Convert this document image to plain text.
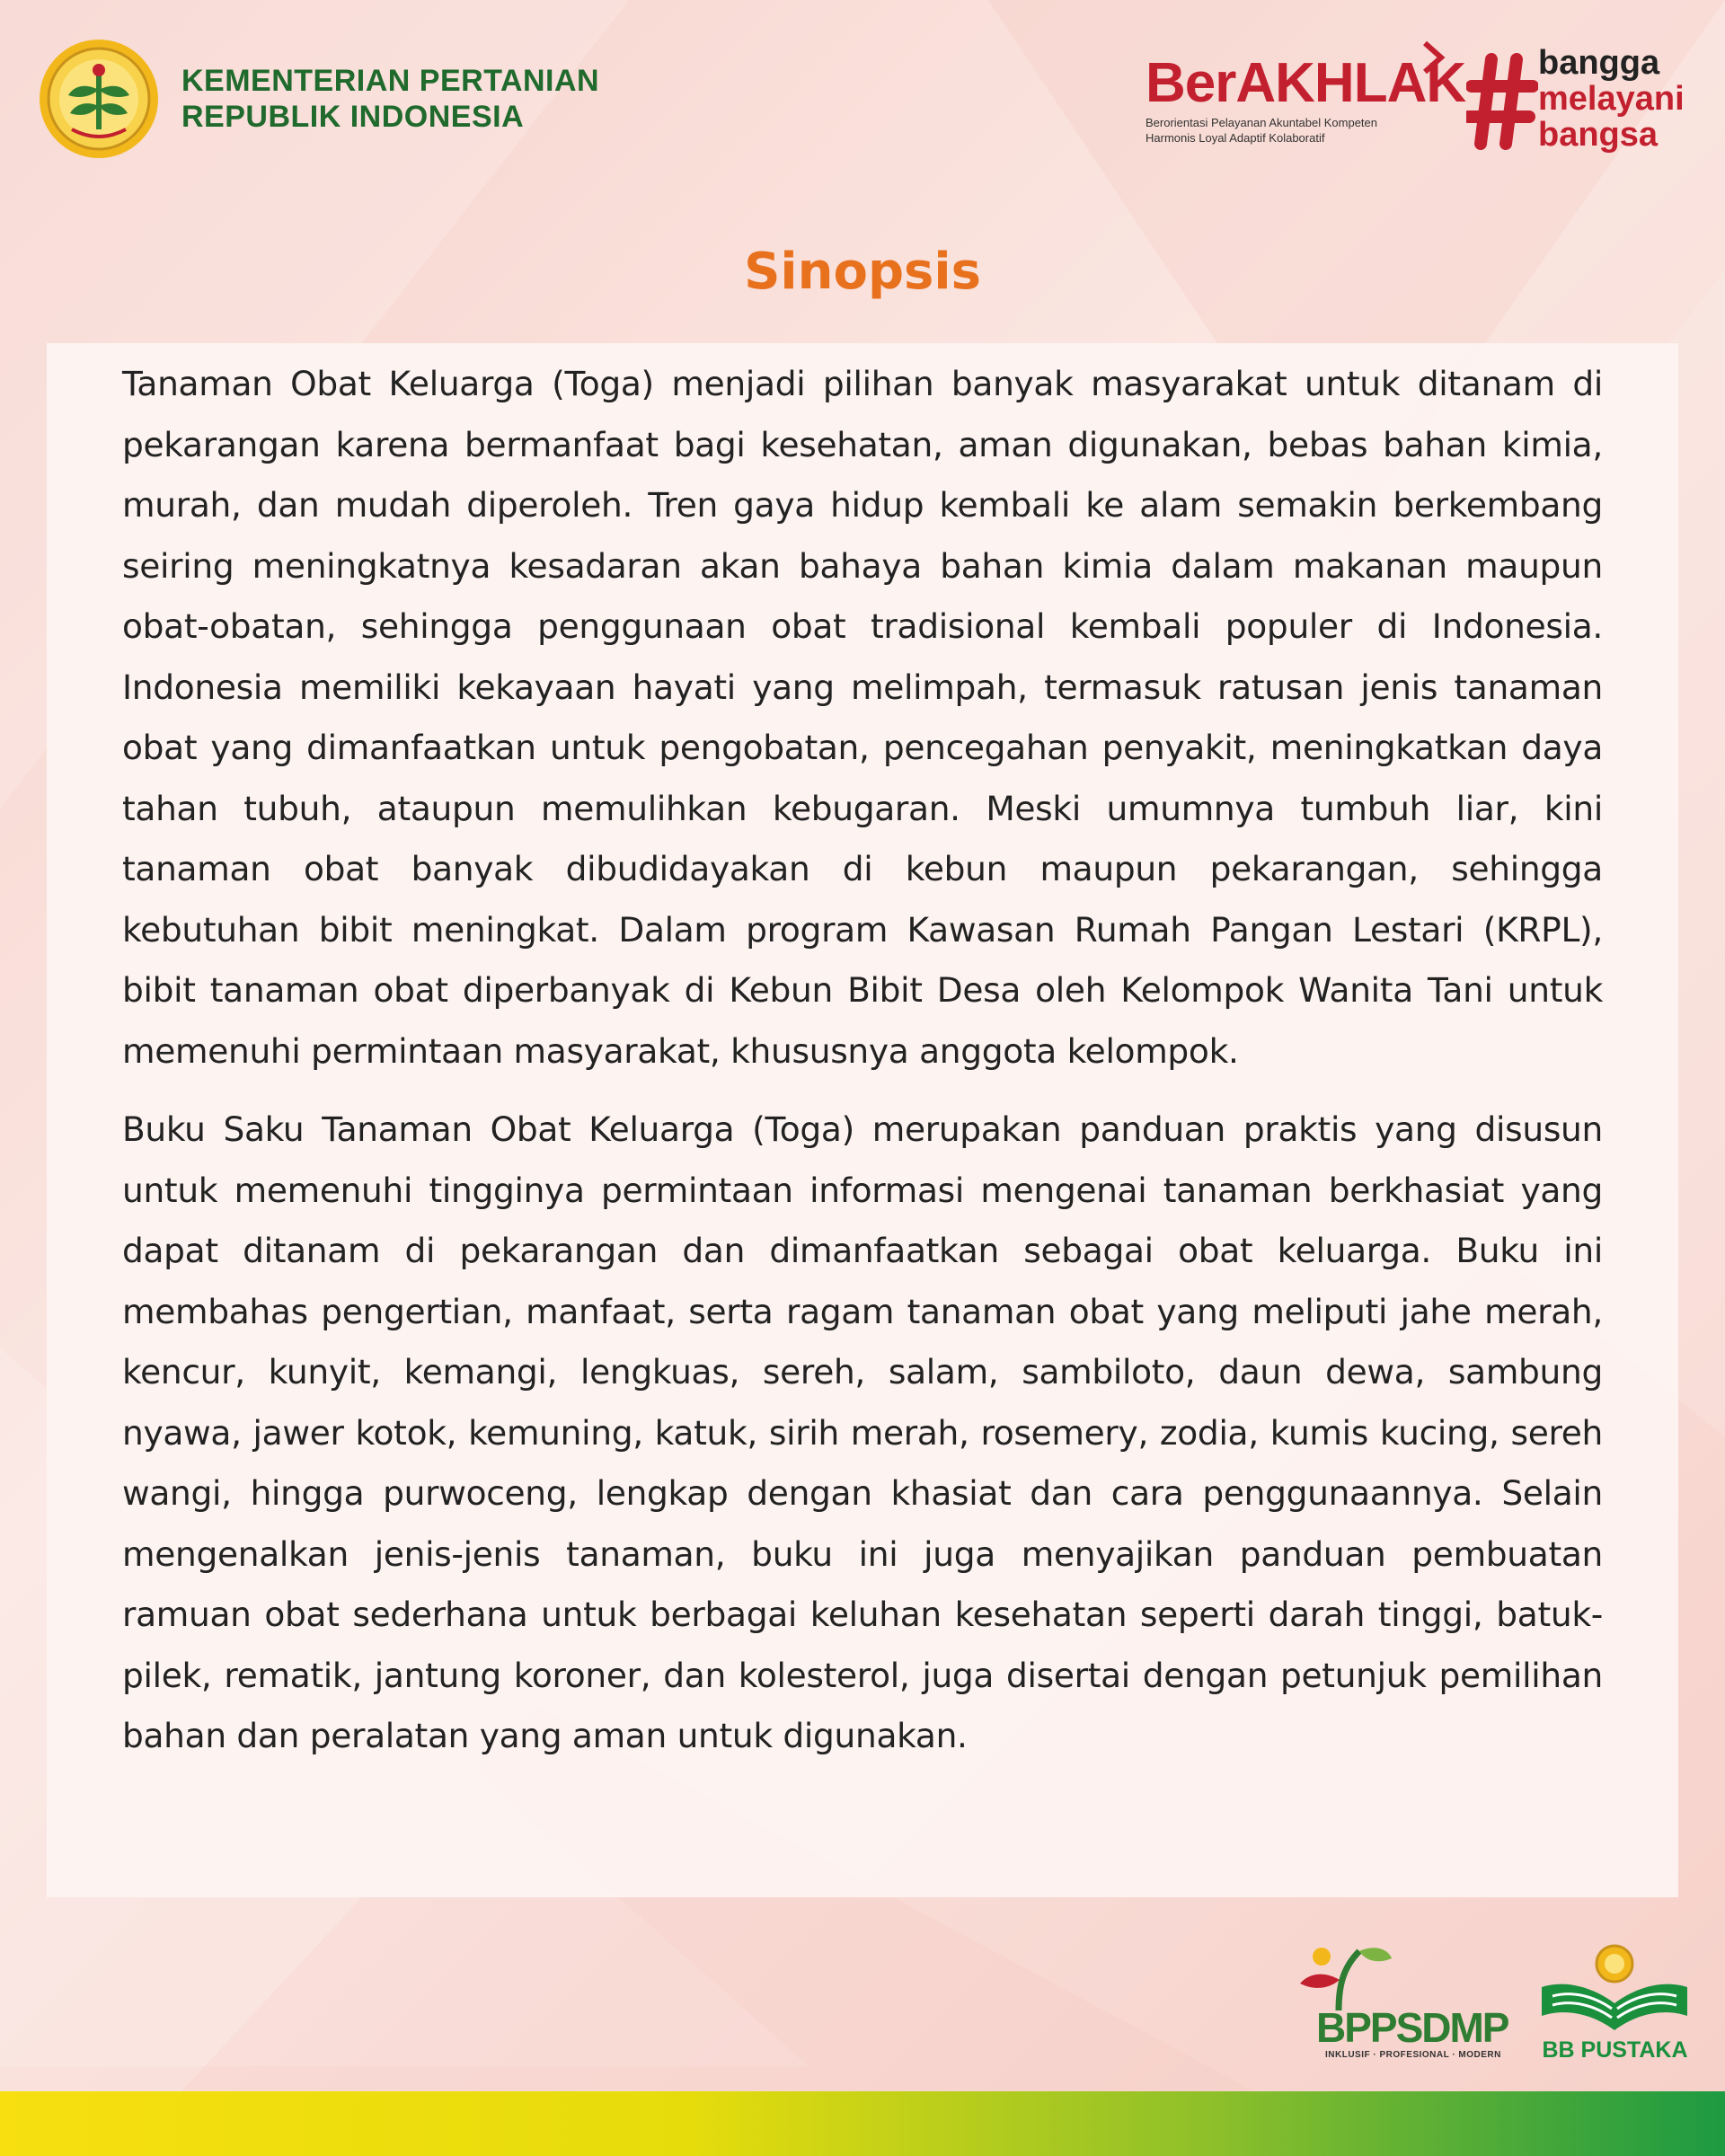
KEMENTERIAN PERTANIAN
REPUBLIK INDONESIA
BerAKHLAK
Berorientasi Pelayanan Akuntabel Kompeten
Harmonis Loyal Adaptif Kolaboratif
bangga
melayani
bangsa
Sinopsis

Tanaman Obat Keluarga (Toga) menjadi pilihan banyak masyarakat untuk ditanam di pekarangan karena bermanfaat bagi kesehatan, aman digunakan, bebas bahan kimia, murah, dan mudah diperoleh. Tren gaya hidup kembali ke alam semakin berkembang seiring meningkatnya kesadaran akan bahaya bahan kimia dalam makanan maupun obat-obatan, sehingga penggunaan obat tradisional kembali populer di Indonesia. Indonesia memiliki kekayaan hayati yang melimpah, termasuk ratusan jenis tanaman obat yang dimanfaatkan untuk pengobatan, pencegahan penyakit, meningkatkan daya tahan tubuh, ataupun memulihkan kebugaran. Meski umumnya tumbuh liar, kini tanaman obat banyak dibudidayakan di kebun maupun pekarangan, sehingga kebutuhan bibit meningkat. Dalam program Kawasan Rumah Pangan Lestari (KRPL), bibit tanaman obat diperbanyak di Kebun Bibit Desa oleh Kelompok Wanita Tani untuk memenuhi permintaan masyarakat, khususnya anggota kelompok.

Buku Saku Tanaman Obat Keluarga (Toga) merupakan panduan praktis yang disusun untuk memenuhi tingginya permintaan informasi mengenai tanaman berkhasiat yang dapat ditanam di pekarangan dan dimanfaatkan sebagai obat keluarga. Buku ini membahas pengertian, manfaat, serta ragam tanaman obat yang meliputi jahe merah, kencur, kunyit, kemangi, lengkuas, sereh, salam, sambiloto, daun dewa, sambung nyawa, jawer kotok, kemuning, katuk, sirih merah, rosemery, zodia, kumis kucing, sereh wangi, hingga purwoceng, lengkap dengan khasiat dan cara penggunaannya. Selain mengenalkan jenis-jenis tanaman, buku ini juga menyajikan panduan pembuatan ramuan obat sederhana untuk berbagai keluhan kesehatan seperti darah tinggi, batuk-pilek, rematik, jantung koroner, dan kolesterol, juga disertai dengan petunjuk pemilihan bahan dan peralatan yang aman untuk digunakan.

BPPSDMP
INKLUSIF · PROFESIONAL · MODERN BB PUSTAKA
